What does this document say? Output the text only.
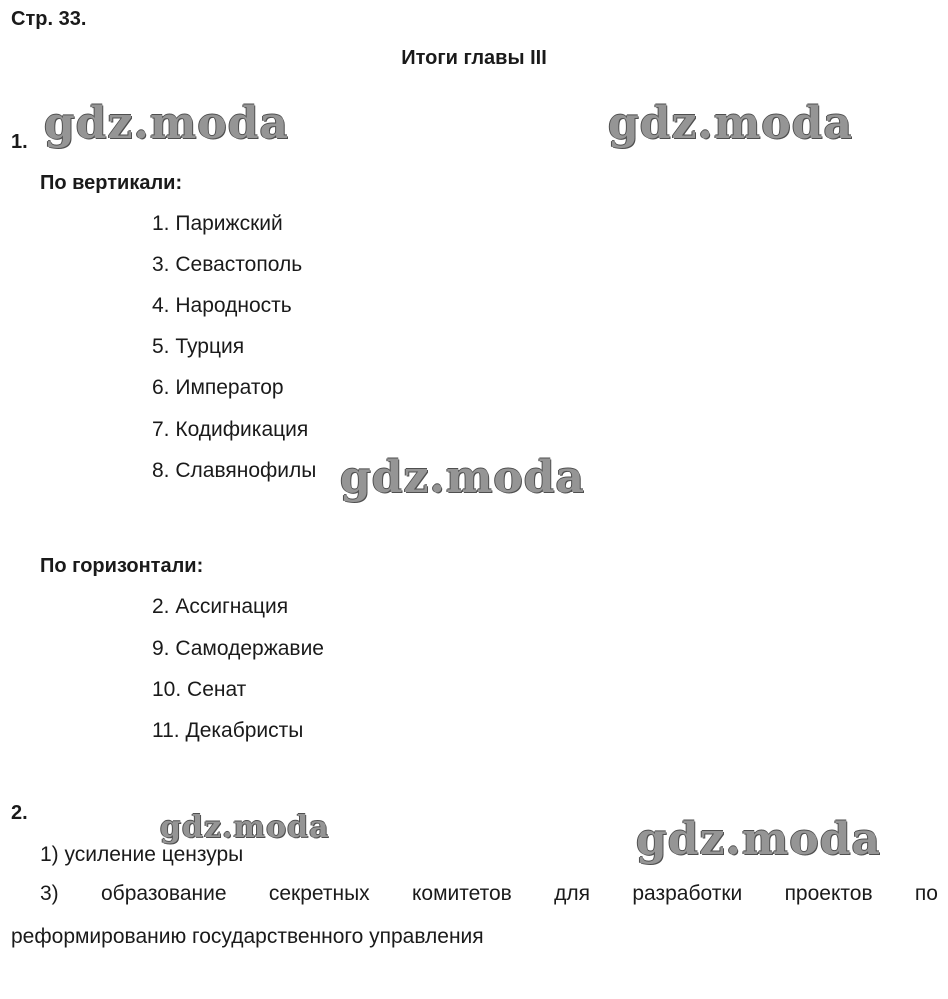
Стр. 33.
Итоги главы III
gdz.moda	gdz.moda
gdz.moda
gdz.moda	gdz.moda
1.
По вертикали:
1. Парижский
3. Севастополь
4. Народность
5. Турция
6. Император
7. Кодификация
8. Славянофилы
По горизонтали:
2. Ассигнация
9. Самодержавие
10. Сенат
11. Декабристы
2.
1) усиление цензуры
3) образование секретных комитетов для разработки проектов по
реформированию государственного управления
